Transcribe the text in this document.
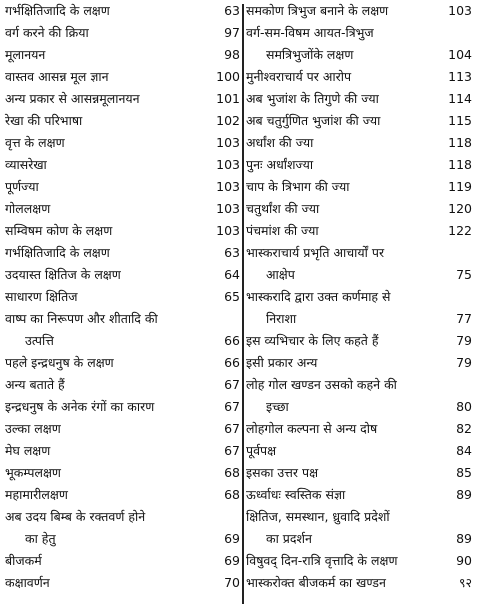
गर्भक्षितिजादि के लक्षण	63
वर्ग करने की क्रिया	97
मूलानयन	98
वास्तव आसन्न मूल ज्ञान	100
अन्य प्रकार से आसन्नमूलानयन	101
रेखा की परिभाषा	102
वृत्त के लक्षण	103
व्यासरेखा	103
पूर्णज्या	103
गोललक्षण	103
सम्विषम कोण के लक्षण	103
गर्भक्षितिजादि के लक्षण	63
उदयास्त क्षितिज के लक्षण	64
साधारण क्षितिज	65
वाष्प का निरूपण और शीतादि की
उत्पत्ति	66
पहले इन्द्रधनुष के लक्षण	66
अन्य बताते हैं	67
इन्द्रधनुष के अनेक रंगों का कारण	67
उल्का लक्षण	67
मेघ लक्षण	67
भूकम्पलक्षण	68
महामारीलक्षण	68
अब उदय बिम्ब के रक्तवर्ण होने
का हेतु	69
बीजकर्म	69
कक्षावर्णन	70
समकोण त्रिभुज बनाने के लक्षण	103
वर्ग-सम-विषम आयत-त्रिभुज
समत्रिभुजोंके लक्षण	104
मुनीश्वराचार्य पर आरोप	113
अब भुजांश के तिगुणे की ज्या	114
अब चतुर्गुणित भुजांश की ज्या	115
अर्धांश की ज्या	118
पुनः अर्धांशज्या	118
चाप के त्रिभाग की ज्या	119
चतुर्थांश की ज्या	120
पंचमांश की ज्या	122
भास्कराचार्य प्रभृति आचार्यों पर
आक्षेप	75
भास्करादि द्वारा उक्त कर्णमाह से
निराशा	77
इस व्यभिचार के लिए कहते हैं	79
इसी प्रकार अन्य	79
लोह गोल खण्डन उसको कहने की
इच्छा	80
लोहगोल कल्पना से अन्य दोष	82
पूर्वपक्ष	84
इसका उत्तर पक्ष	85
ऊर्ध्वाधः स्वस्तिक संज्ञा	89
क्षितिज, समस्थान, ध्रुवादि प्रदेशों
का प्रदर्शन	89
विषुवद् दिन-रात्रि वृत्तादि के लक्षण	90
भास्करोक्त बीजकर्म का खण्डन	९२
